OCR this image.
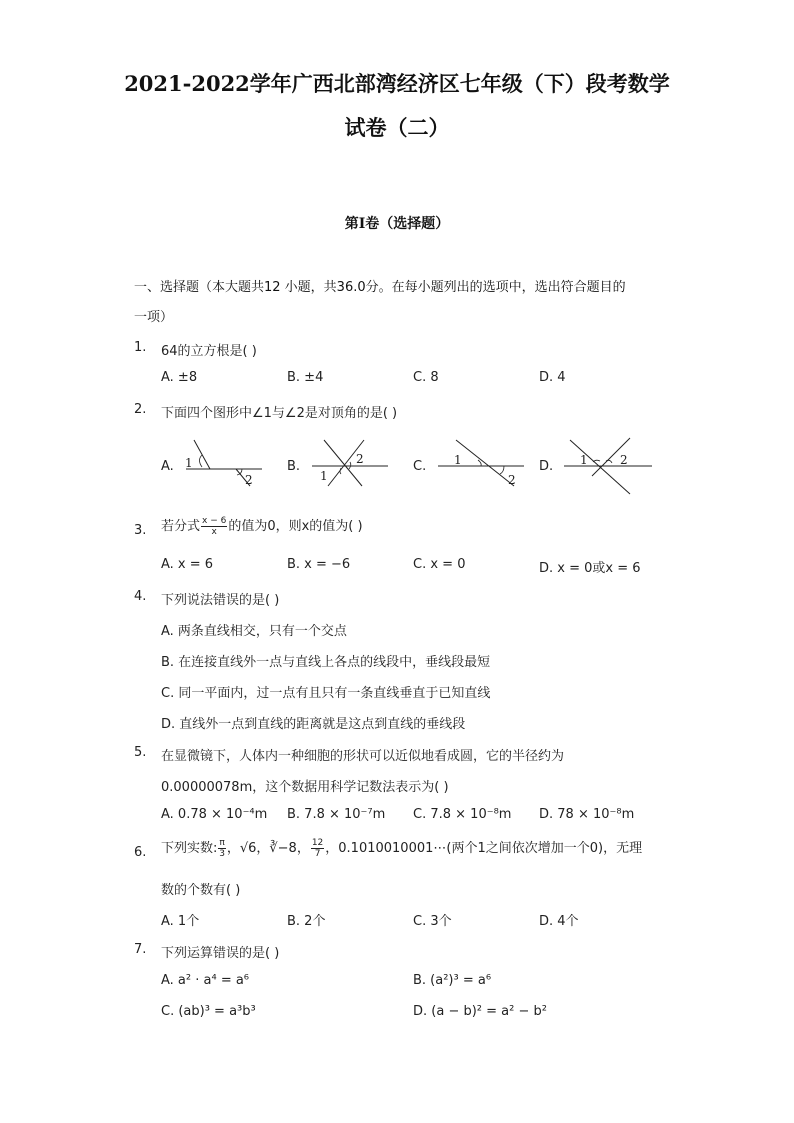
2021-2022学年广西北部湾经济区七年级（下）段考数学
试卷（二）
第I卷（选择题）
一、选择题（本大题共12 小题，共36.0分。在每小题列出的选项中，选出符合题目的
一项）
1. 64的立方根是( )
A. ±8	B. ±4	C. 8	D. 4
2. 下面四个图形中∠1与∠2是对顶角的是( )
A. 1
2
B.	2
1
C. 1
2
D. 1	2
3. 若分式 $\frac{x - 6}{x}$ 的值为0，则x的值为( )
A. x = 6	B. x = −6	C. x = 0	D. x = 0或x = 6
4. 下列说法错误的是( )
A. 两条直线相交，只有一个交点
B. 在连接直线外一点与直线上各点的线段中，垂线段最短
C. 同一平面内，过一点有且只有一条直线垂直于已知直线
D. 直线外一点到直线的距离就是这点到直线的垂线段
5. 在显微镜下，人体内一种细胞的形状可以近似地看成圆，它的半径约为
0.00000078m，这个数据用科学记数法表示为( )
A. 0.78 × 10⁻⁴m B. 7.8 × 10⁻⁷m C. 7.8 × 10⁻⁸m D. 78 × 10⁻⁸m
6. 下列实数: $\frac{\pi}{3}$ ，√6，∛−8， $\frac{12}{7}$ ，0.1010010001⋯(两个1之间依次增加一个0)，无理
数的个数有( )
A. 1个	B. 2个	C. 3个	D. 4个
7. 下列运算错误的是( )
A. a² · a⁴ = a⁶	B. (a²)³ = a⁶
C. (ab)³ = a³b³	D. (a − b)² = a² − b²
